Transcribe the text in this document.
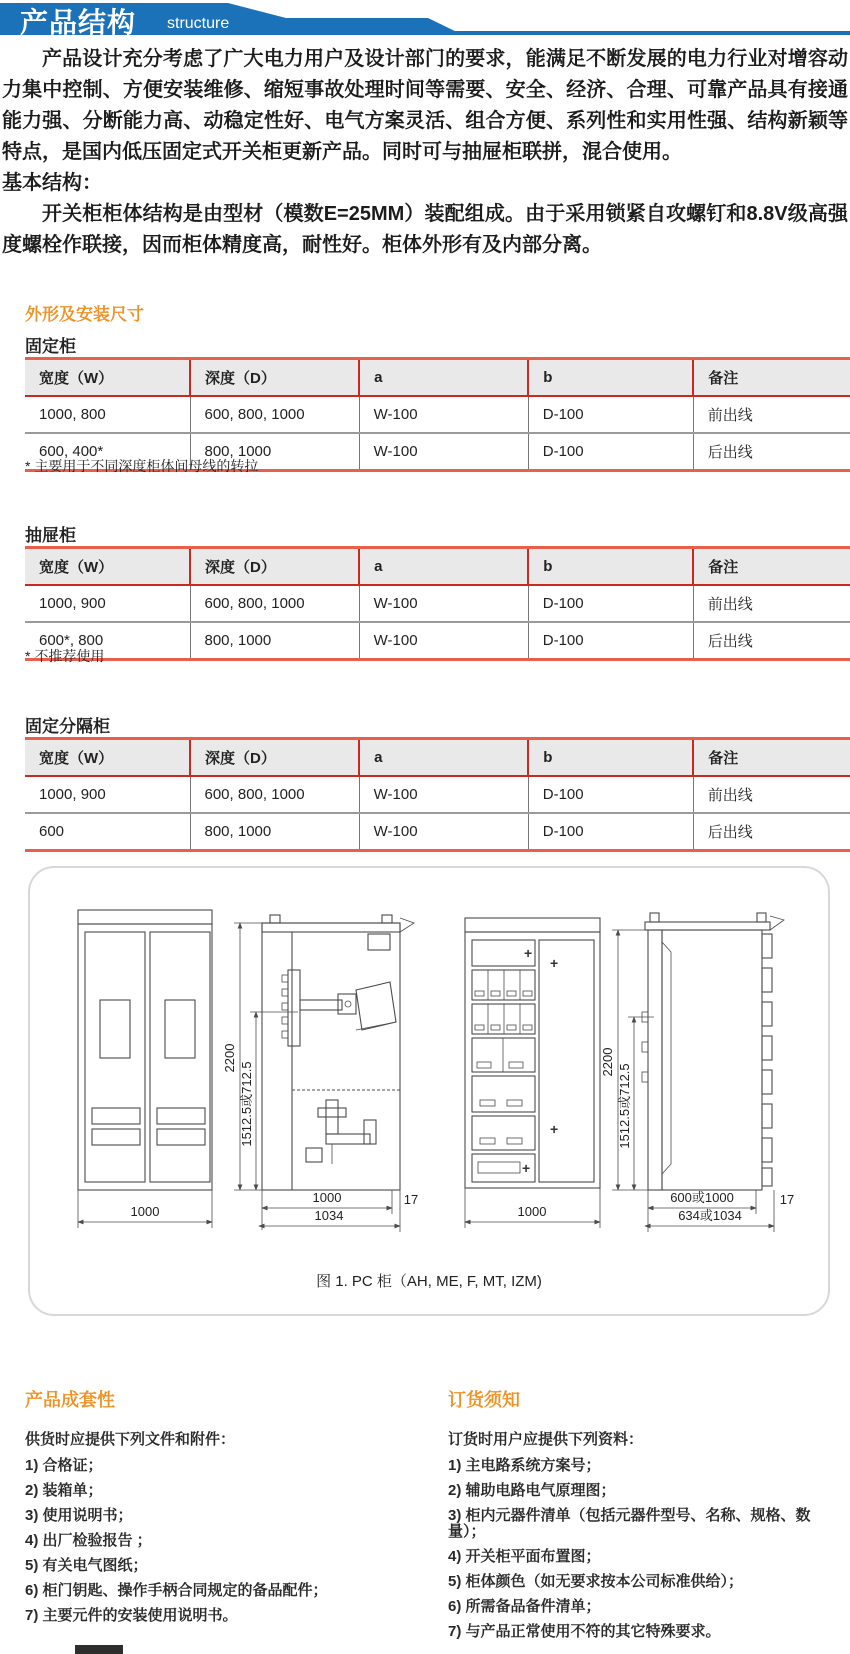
产品结构 structure

产品设计充分考虑了广大电力用户及设计部门的要求，能满足不断发展的电力行业对增容动力集中控制、方便安装维修、缩短事故处理时间等需要、安全、经济、合理、可靠产品具有接通能力强、分断能力高、动稳定性好、电气方案灵活、组合方便、系列性和实用性强、结构新颖等特点，是国内低压固定式开关柜更新产品。同时可与抽屉柜联拼，混合使用。

基本结构：

开关柜柜体结构是由型材（模数E=25MM）装配组成。由于采用锁紧自攻螺钉和8.8V级高强度螺栓作联接，因而柜体精度高，耐性好。柜体外形有及内部分离。

外形及安装尺寸
固定柜
宽度（W）	深度（D）	a	b	备注
1000, 800	600, 800, 1000	W-100	D-100	前出线
600, 400*	800, 1000	W-100	D-100	后出线
* 主要用于不同深度柜体间母线的转拉
抽屉柜
宽度（W）	深度（D）	a	b	备注
1000, 900	600, 800, 1000	W-100	D-100	前出线
600*, 800	800, 1000	W-100	D-100	后出线
* 不推荐使用
固定分隔柜
宽度（W）	深度（D）	a	b	备注
1000, 900	600, 800, 1000	W-100	D-100	前出线
600	800, 1000	W-100	D-100	后出线
1000
2200
1512.5或712.5
1000	17
1034
+
+
+
+
1000
2200
1512.5或712.5
600或1000	17
634或1034
图 1. PC 柜（AH, ME, F, MT, IZM)
产品成套性

供货时应提供下列文件和附件：

1) 合格证；
2) 装箱单；
3) 使用说明书；
4) 出厂检验报告 ；
5) 有关电气图纸；
6) 柜门钥匙、操作手柄合同规定的备品配件；
7) 主要元件的安装使用说明书。
订货须知

订货时用户应提供下列资料：

1) 主电路系统方案号；
2) 辅助电路电气原理图；
3) 柜内元器件清单（包括元器件型号、名称、规格、数量）；
4) 开关柜平面布置图；
5) 柜体颜色（如无要求按本公司标准供给）；
6) 所需备品备件清单；
7) 与产品正常使用不符的其它特殊要求。
